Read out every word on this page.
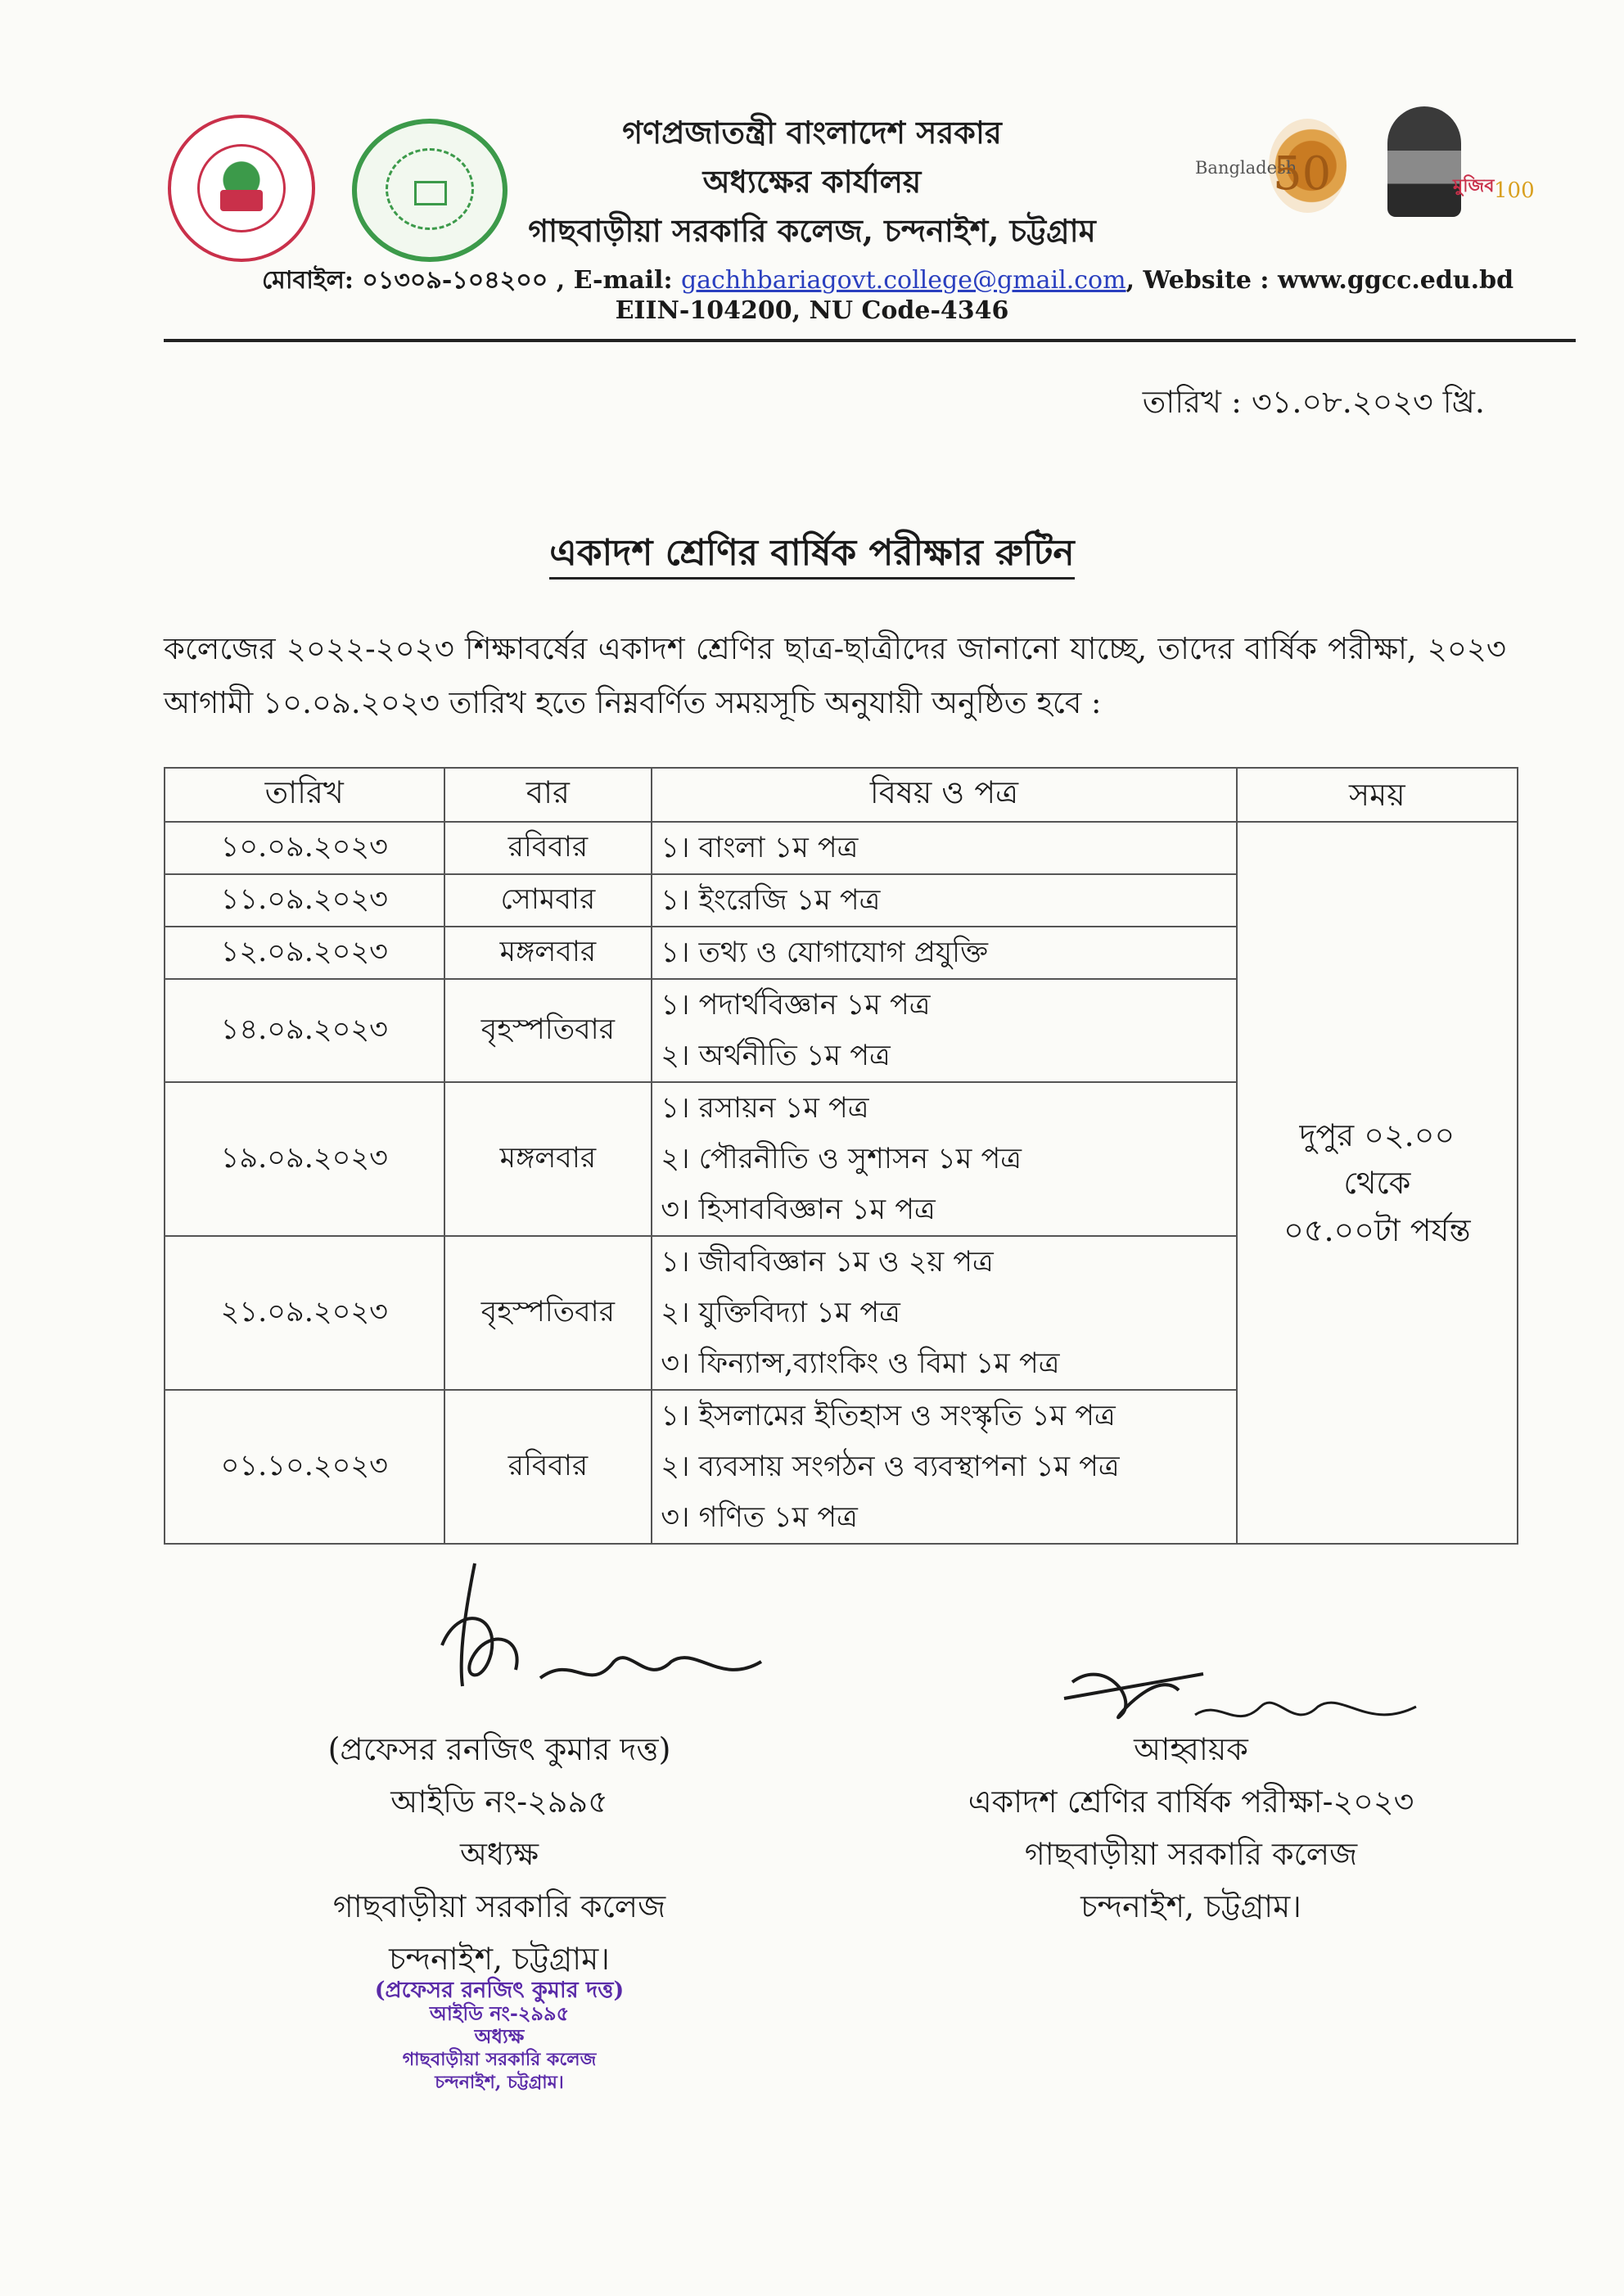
Bangladesh
50	মুজিব 100
গণপ্রজাতন্ত্রী বাংলাদেশ সরকার
অধ্যক্ষের কার্যালয়
গাছবাড়ীয়া সরকারি কলেজ, চন্দনাইশ, চট্টগ্রাম
মোবাইল: ০১৩০৯-১০৪২০০ , E-mail: gachhbariagovt.college@gmail.com, Website : www.ggcc.edu.bd
EIIN-104200, NU Code-4346
তারিখ : ৩১.০৮.২০২৩ খ্রি.
একাদশ শ্রেণির বার্ষিক পরীক্ষার রুটিন
কলেজের ২০২২-২০২৩ শিক্ষাবর্ষের একাদশ শ্রেণির ছাত্র-ছাত্রীদের জানানো যাচ্ছে, তাদের বার্ষিক পরীক্ষা, ২০২৩ আগামী ১০.০৯.২০২৩ তারিখ হতে নিম্নবর্ণিত সময়সূচি অনুযায়ী অনুষ্ঠিত হবে :
তারিখ	বার	বিষয় ও পত্র	সময়
১০.০৯.২০২৩	রবিবার	১। বাংলা ১ম পত্র	দুপুর ০২.০০
থেকে
০৫.০০টা পর্যন্ত

১১.০৯.২০২৩	সোমবার	১। ইংরেজি ১ম পত্র	

১২.০৯.২০২৩	মঙ্গলবার	১। তথ্য ও যোগাযোগ প্রযুক্তি	

১৪.০৯.২০২৩	বৃহস্পতিবার	১। পদার্থবিজ্ঞান ১ম পত্র
২। অর্থনীতি ১ম পত্র	

১৯.০৯.২০২৩	মঙ্গলবার	১। রসায়ন ১ম পত্র
২। পৌরনীতি ও সুশাসন ১ম পত্র
৩। হিসাববিজ্ঞান ১ম পত্র	

২১.০৯.২০২৩	বৃহস্পতিবার	১। জীববিজ্ঞান ১ম ও ২য় পত্র
২। যুক্তিবিদ্যা ১ম পত্র
৩। ফিন্যান্স,ব্যাংকিং ও বিমা ১ম পত্র	

০১.১০.২০২৩	রবিবার	১। ইসলামের ইতিহাস ও সংস্কৃতি ১ম পত্র
২। ব্যবসায় সংগঠন ও ব্যবস্থাপনা ১ম পত্র
৩। গণিত ১ম পত্র	
(প্রফেসর রনজিৎ কুমার দত্ত)
আইডি নং-২৯৯৫
অধ্যক্ষ
গাছবাড়ীয়া সরকারি কলেজ
চন্দনাইশ, চট্টগ্রাম।
(প্রফেসর রনজিৎ কুমার দত্ত)
আইডি নং-২৯৯৫
অধ্যক্ষ
গাছবাড়ীয়া সরকারি কলেজ
চন্দনাইশ, চট্টগ্রাম।
আহ্বায়ক
একাদশ শ্রেণির বার্ষিক পরীক্ষা-২০২৩
গাছবাড়ীয়া সরকারি কলেজ
চন্দনাইশ, চট্টগ্রাম।
